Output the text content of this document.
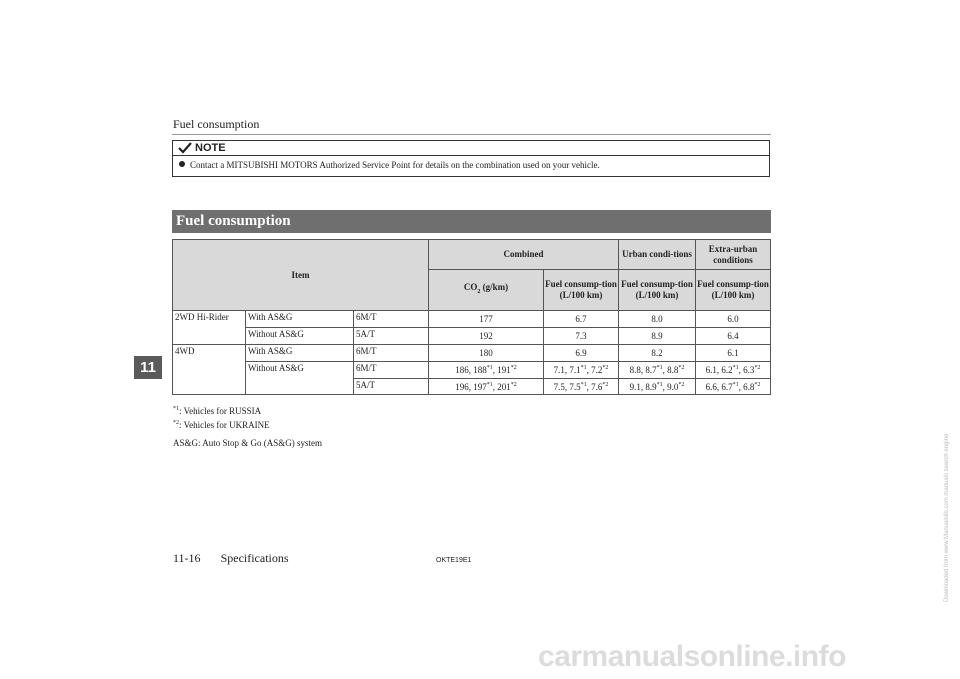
Fuel consumption
NOTE
Contact a MITSUBISHI MOTORS Authorized Service Point for details on the combination used on your vehicle.
Fuel consumption
11
Item			Combined		Urban condi-tions	Extra-urban conditions
			$CO_2$ (g/km)	Fuel consump-tion (L/100 km)	Fuel consump-tion (L/100 km)	Fuel consump-tion (L/100 km)
2WD Hi-Rider	With AS&G	6M/T	177	6.7	8.0	6.0
	Without AS&G	5A/T	192	7.3	8.9	6.4
4WD	With AS&G	6M/T	180	6.9	8.2	6.1
	Without AS&G	6M/T	186, 188$^{*1}$, 191$^{*2}$	7.1, 7.1$^{*1}$, 7.2$^{*2}$	8.8, 8.7$^{*1}$, 8.8$^{*2}$	6.1, 6.2$^{*1}$, 6.3$^{*2}$
		5A/T	196, 197$^{*1}$, 201$^{*2}$	7.5, 7.5$^{*1}$, 7.6$^{*2}$	9.1, 8.9$^{*1}$, 9.0$^{*2}$	6.6, 6.7$^{*1}$, 6.8$^{*2}$
$^{*1}$: Vehicles for RUSSIA
$^{*2}$: Vehicles for UKRAINE
AS&G: Auto Stop & Go (AS&G) system
11-16 Specifications	OKTE19E1
carmanualsonline.info
Downloaded from www.Manualslib.com manuals search engine
